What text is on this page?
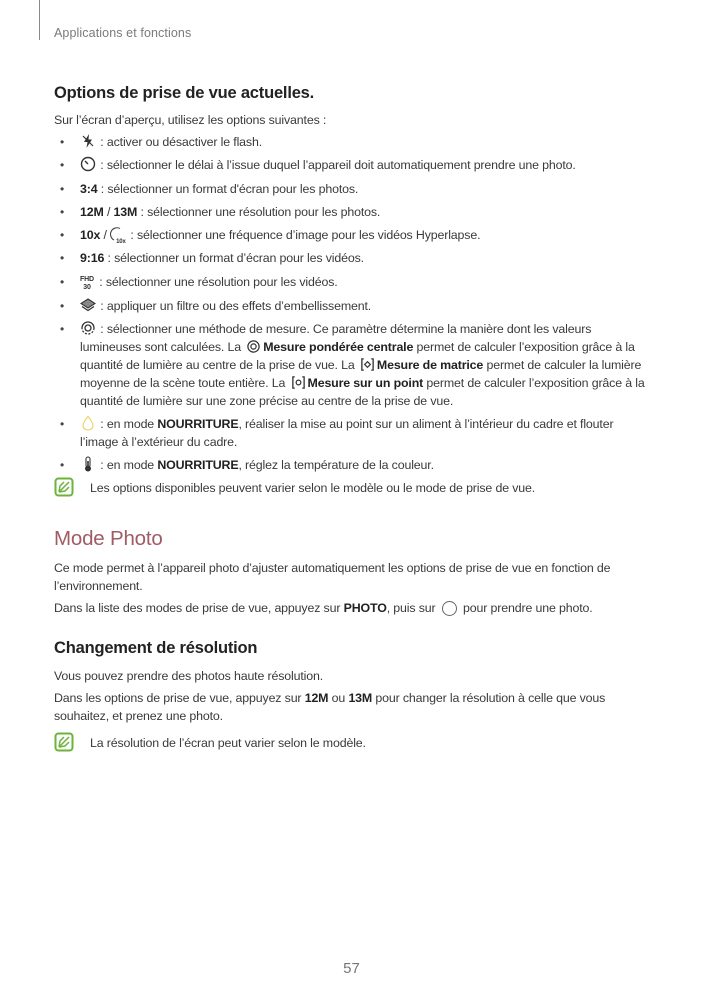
Applications et fonctions
Options de prise de vue actuelles.

Sur l’écran d’aperçu, utilisez les options suivantes :

•	: activer ou désactiver le flash.
•	: sélectionner le délai à l’issue duquel l’appareil doit automatiquement prendre une photo.
• 3:4 : sélectionner un format d'écran pour les photos.
• 12M / 13M : sélectionner une résolution pour les photos.
• 10x / 10x : sélectionner une fréquence d’image pour les vidéos Hyperlapse.
• 9:16 : sélectionner un format d’écran pour les vidéos.
• FHD
30 : sélectionner une résolution pour les vidéos.
•	: appliquer un filtre ou des effets d’embellissement.
•	: sélectionner une méthode de mesure. Ce paramètre détermine la manière dont les valeurs lumineuses sont calculées. La
Mesure pondérée centrale permet de calculer l’exposition grâce à la quantité de lumière au centre de la prise de vue. La
Mesure de matrice permet de calculer la lumière moyenne de la scène toute entière. La
Mesure sur un point permet de calculer l’exposition grâce à la quantité de lumière sur une zone précise au centre de la prise de vue.
•	: en mode NOURRITURE, réaliser la mise au point sur un aliment à l’intérieur du cadre et flouter l’image à l’extérieur du cadre.
•	: en mode NOURRITURE, réglez la température de la couleur.
Les options disponibles peuvent varier selon le modèle ou le mode de prise de vue.
Mode Photo

Ce mode permet à l’appareil photo d’ajuster automatiquement les options de prise de vue en fonction de l’environnement.

Dans la liste des modes de prise de vue, appuyez sur PHOTO, puis sur  pour prendre une photo.

Changement de résolution

Vous pouvez prendre des photos haute résolution.

Dans les options de prise de vue, appuyez sur 12M ou 13M pour changer la résolution à celle que vous souhaitez, et prenez une photo.

La résolution de l’écran peut varier selon le modèle.
57
